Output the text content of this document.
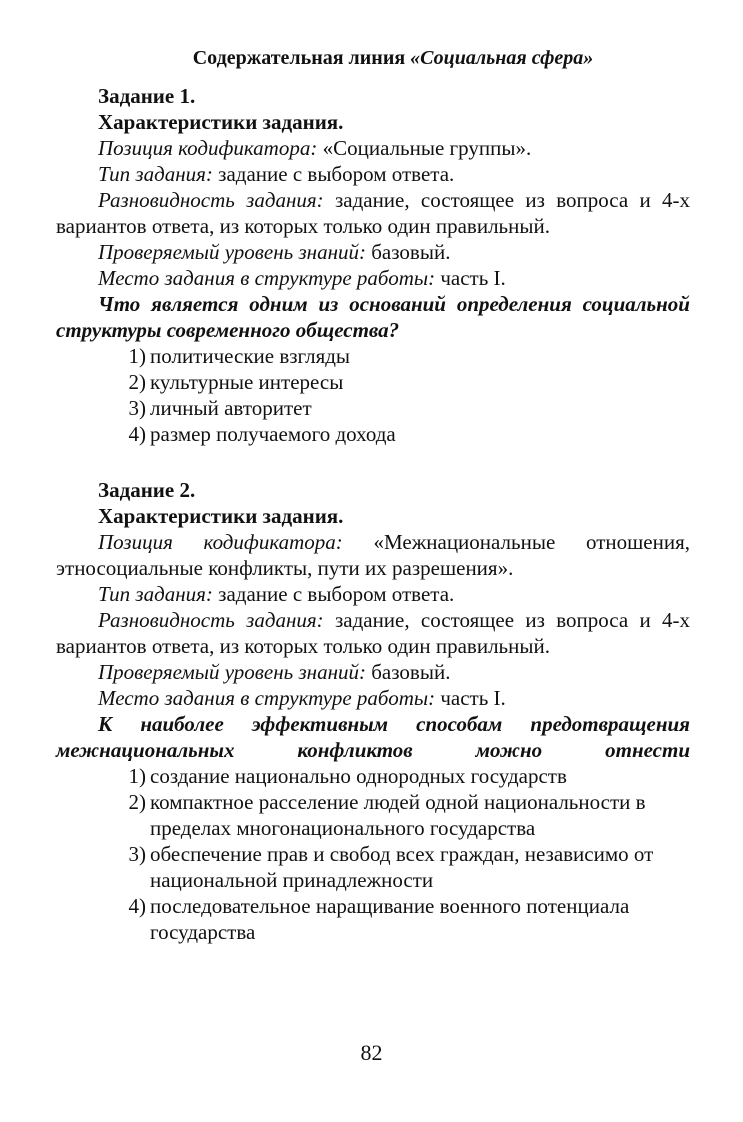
Содержательная линия «Социальная сфера»
Задание 1.
Характеристики задания.
Позиция кодификатора: «Социальные группы».
Тип задания: задание с выбором ответа.
Разновидность задания: задание, состоящее из вопроса и 4-х вариантов ответа, из которых только один правильный.
Проверяемый уровень знаний: базовый.
Место задания в структуре работы: часть I.
Что является одним из оснований определения социальной структуры современного общества?
1) политические взгляды
2) культурные интересы
3) личный авторитет
4) размер получаемого дохода
Задание 2.
Характеристики задания.
Позиция кодификатора: «Межнациональные отношения, этносоциальные конфликты, пути их разрешения».
Тип задания: задание с выбором ответа.
Разновидность задания: задание, состоящее из вопроса и 4-х вариантов ответа, из которых только один правильный.
Проверяемый уровень знаний: базовый.
Место задания в структуре работы: часть I.
К наиболее эффективным способам предотвращения межнациональных конфликтов можно отнести
1) создание национально однородных государств
2) компактное расселение людей одной национальности в пределах многонационального государства
3) обеспечение прав и свобод всех граждан, независимо от национальной принадлежности
4) последовательное наращивание военного потенциала государства
82
